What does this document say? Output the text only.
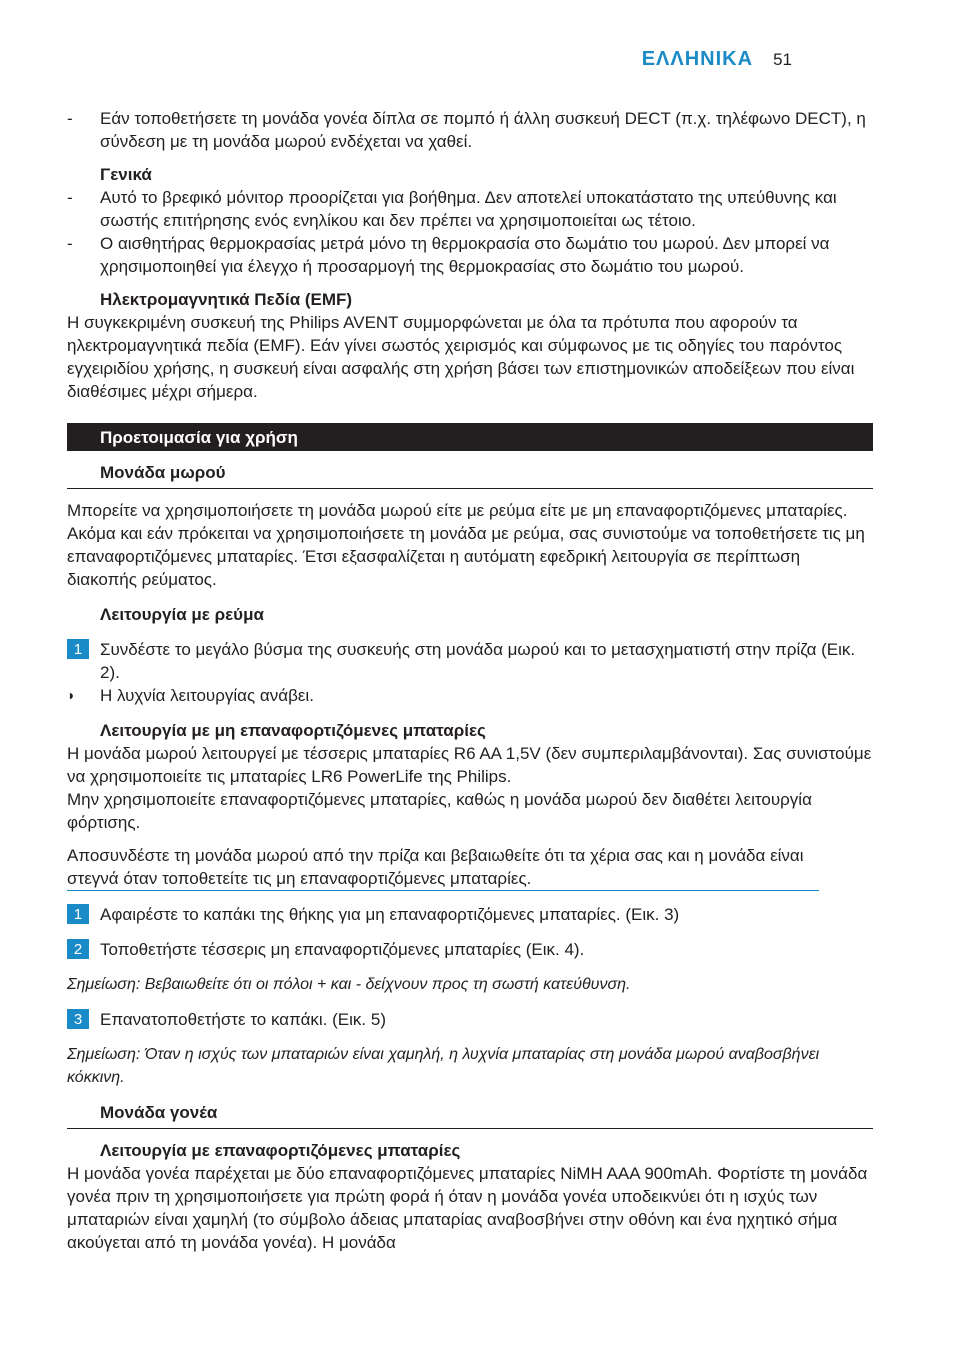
ΕΛΛΗΝΙΚΑ 51
-	Εάν τοποθετήσετε τη μονάδα γονέα δίπλα σε πομπό ή άλλη συσκευή DECT (π.χ. τηλέφωνο DECT), η σύνδεση με τη μονάδα μωρού ενδέχεται να χαθεί.
Γενικά
-	Αυτό το βρεφικό μόνιτορ προορίζεται για βοήθημα. Δεν αποτελεί υποκατάστατο της υπεύθυνης και σωστής επιτήρησης ενός ενηλίκου και δεν πρέπει να χρησιμοποιείται ως τέτοιο.
-	Ο αισθητήρας θερμοκρασίας μετρά μόνο τη θερμοκρασία στο δωμάτιο του μωρού. Δεν μπορεί να χρησιμοποιηθεί για έλεγχο ή προσαρμογή της θερμοκρασίας στο δωμάτιο του μωρού.
Ηλεκτρομαγνητικά Πεδία (EMF)
Η συγκεκριμένη συσκευή της Philips AVENT συμμορφώνεται με όλα τα πρότυπα που αφορούν τα ηλεκτρομαγνητικά πεδία (EMF). Εάν γίνει σωστός χειρισμός και σύμφωνος με τις οδηγίες του παρόντος εγχειριδίου χρήσης, η συσκευή είναι ασφαλής στη χρήση βάσει των επιστημονικών αποδείξεων που είναι διαθέσιμες μέχρι σήμερα.
Προετοιμασία για χρήση
Μονάδα μωρού
Μπορείτε να χρησιμοποιήσετε τη μονάδα μωρού είτε με ρεύμα είτε με μη επαναφορτιζόμενες μπαταρίες. Ακόμα και εάν πρόκειται να χρησιμοποιήσετε τη μονάδα με ρεύμα, σας συνιστούμε να τοποθετήσετε τις μη επαναφορτιζόμενες μπαταρίες. Έτσι εξασφαλίζεται η αυτόματη εφεδρική λειτουργία σε περίπτωση διακοπής ρεύματος.
Λειτουργία με ρεύμα
1	Συνδέστε το μεγάλο βύσμα της συσκευής στη μονάδα μωρού και το μετασχηματιστή στην πρίζα (Εικ. 2).
◗	Η λυχνία λειτουργίας ανάβει.
Λειτουργία με μη επαναφορτιζόμενες μπαταρίες
Η μονάδα μωρού λειτουργεί με τέσσερις μπαταρίες R6 AA 1,5V (δεν συμπεριλαμβάνονται). Σας συνιστούμε να χρησιμοποιείτε τις μπαταρίες LR6 PowerLife της Philips.
Μην χρησιμοποιείτε επαναφορτιζόμενες μπαταρίες, καθώς η μονάδα μωρού δεν διαθέτει λειτουργία φόρτισης.
Αποσυνδέστε τη μονάδα μωρού από την πρίζα και βεβαιωθείτε ότι τα χέρια σας και η μονάδα είναι στεγνά όταν τοποθετείτε τις μη επαναφορτιζόμενες μπαταρίες.
1	Αφαιρέστε το καπάκι της θήκης για μη επαναφορτιζόμενες μπαταρίες. (Εικ. 3)
2	Τοποθετήστε τέσσερις μη επαναφορτιζόμενες μπαταρίες (Εικ. 4).
Σημείωση: Βεβαιωθείτε ότι οι πόλοι + και - δείχνουν προς τη σωστή κατεύθυνση.
3	Επανατοποθετήστε το καπάκι. (Εικ. 5)
Σημείωση: Όταν η ισχύς των μπαταριών είναι χαμηλή, η λυχνία μπαταρίας στη μονάδα μωρού αναβοσβήνει κόκκινη.
Μονάδα γονέα
Λειτουργία με επαναφορτιζόμενες μπαταρίες
Η μονάδα γονέα παρέχεται με δύο επαναφορτιζόμενες μπαταρίες NiMH AAA 900mAh. Φορτίστε τη μονάδα γονέα πριν τη χρησιμοποιήσετε για πρώτη φορά ή όταν η μονάδα γονέα υποδεικνύει ότι η ισχύς των μπαταριών είναι χαμηλή (το σύμβολο άδειας μπαταρίας αναβοσβήνει στην οθόνη και ένα ηχητικό σήμα ακούγεται από τη μονάδα γονέα). Η μονάδα
